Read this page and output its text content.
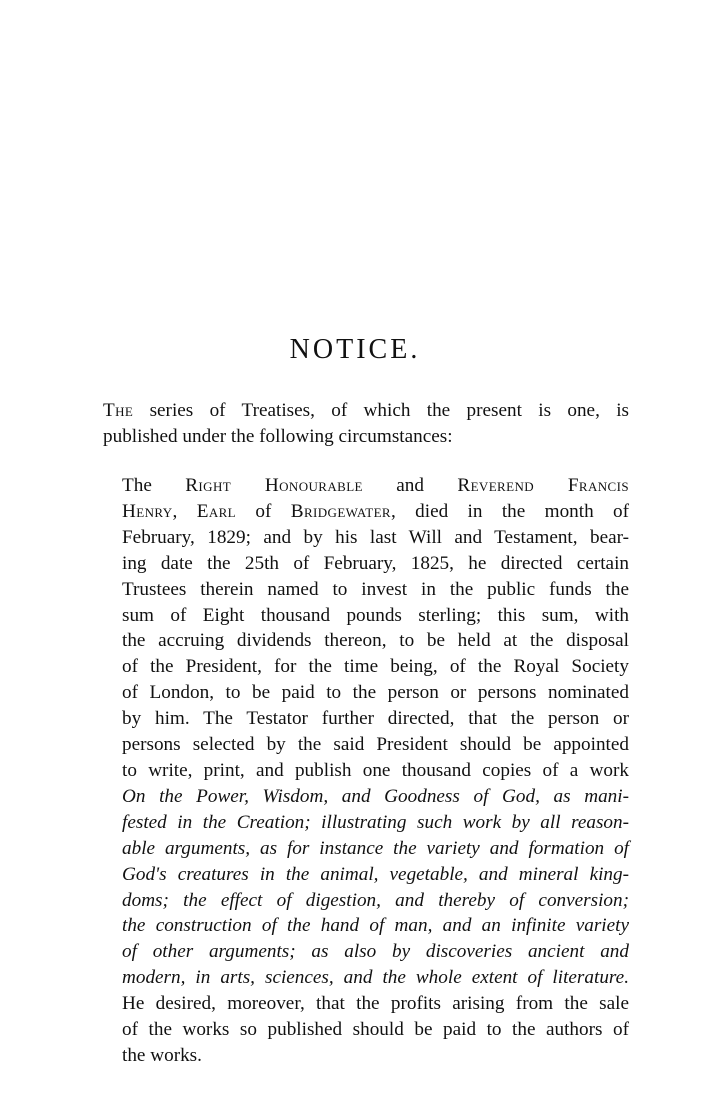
NOTICE.

The series of Treatises, of which the present is one, is
published under the following circumstances:

The Right Honourable and Reverend Francis
Henry, Earl of Bridgewater, died in the month of
February, 1829; and by his last Will and Testament, bear-
ing date the 25th of February, 1825, he directed certain
Trustees therein named to invest in the public funds the
sum of Eight thousand pounds sterling; this sum, with
the accruing dividends thereon, to be held at the disposal
of the President, for the time being, of the Royal Society
of London, to be paid to the person or persons nominated
by him. The Testator further directed, that the person or
persons selected by the said President should be appointed
to write, print, and publish one thousand copies of a work
On the Power, Wisdom, and Goodness of God, as mani-
fested in the Creation; illustrating such work by all reason-
able arguments, as for instance the variety and formation of
God's creatures in the animal, vegetable, and mineral king-
doms; the effect of digestion, and thereby of conversion;
the construction of the hand of man, and an infinite variety
of other arguments; as also by discoveries ancient and
modern, in arts, sciences, and the whole extent of literature.
He desired, moreover, that the profits arising from the sale
of the works so published should be paid to the authors of
the works.
